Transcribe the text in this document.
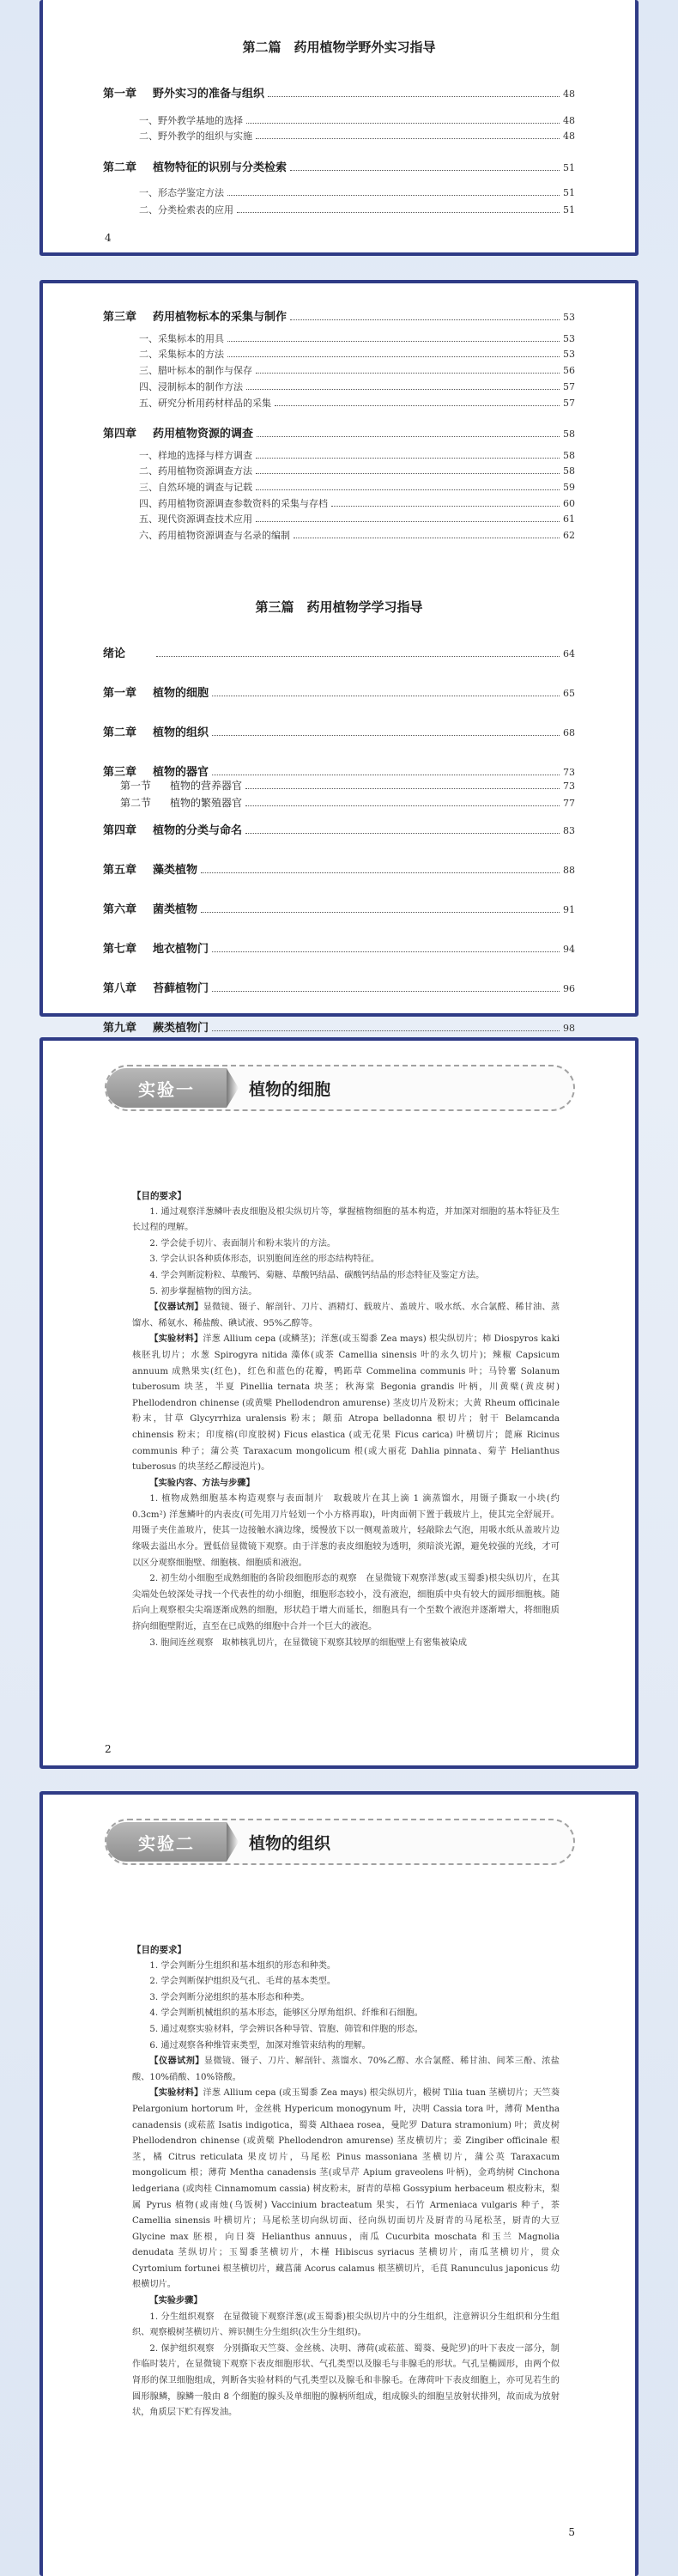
第二篇　药用植物学野外实习指导
第一章 野外实习的准备与组织	48
一、野外教学基地的选择	48
二、野外教学的组织与实施	48
第二章 植物特征的识别与分类检索	51
一、形态学鉴定方法	51
二、分类检索表的应用	51
4
第三章 药用植物标本的采集与制作	53
一、采集标本的用具	53
二、采集标本的方法	53
三、腊叶标本的制作与保存	56
四、浸制标本的制作方法	57
五、研究分析用药材样品的采集	57
第四章 药用植物资源的调查	58
一、样地的选择与样方调查	58
二、药用植物资源调查方法	58
三、自然环境的调查与记载	59
四、药用植物资源调查参数资料的采集与存档	60
五、现代资源调查技术应用	61
六、药用植物资源调查与名录的编制	62
第三篇　药用植物学学习指导
绪论	64
第一章 植物的细胞	65
第二章 植物的组织	68
第三章 植物的器官	73
第一节 植物的营养器官	73
第二节 植物的繁殖器官	77
第四章 植物的分类与命名	83
第五章 藻类植物	88
第六章 菌类植物	91
第七章 地衣植物门	94
第八章 苔藓植物门	96
第九章 蕨类植物门	98
实验一	植物的细胞

【目的要求】

1. 通过观察洋葱鳞叶表皮细胞及根尖纵切片等，掌握植物细胞的基本构造，并加深对细胞的基本特征及生长过程的理解。

2. 学会徒手切片、表面制片和粉末装片的方法。

3. 学会认识各种质体形态，识别胞间连丝的形态结构特征。

4. 学会判断淀粉粒、草酸钙、菊糖、草酸钙结晶、碳酸钙结晶的形态特征及鉴定方法。

5. 初步掌握植物的图方法。

【仪器试剂】显微镜、镊子、解剖针、刀片、酒精灯、载玻片、盖玻片、吸水纸、水合氯醛、稀甘油、蒸馏水、稀氨水、稀盐酸、碘试液、95%乙醇等。

【实验材料】洋葱 Allium cepa (或鳞茎)；洋葱(或玉蜀黍 Zea mays) 根尖纵切片；柿 Diospyros kaki 核胚乳切片；水葱 Spirogyra nitida 藻体(或茶 Camellia sinensis 叶的永久切片)；辣椒 Capsicum annuum 成熟果实(红色)，红色和蓝色的花瓣，鸭跖草 Commelina communis 叶；马铃薯 Solanum tuberosum 块茎，半夏 Pinellia ternata 块茎；秋海棠 Begonia grandis 叶柄，川黄檗(黄皮树) Phellodendron chinense (或黄檗 Phellodendron amurense) 茎皮切片及粉末；大黄 Rheum officinale 粉末，甘草 Glycyrrhiza uralensis 粉末；颠茄 Atropa belladonna 根切片；射干 Belamcanda chinensis 粉末；印度榕(印度胶树) Ficus elastica (或无花果 Ficus carica) 叶横切片；蓖麻 Ricinus communis 种子；蒲公英 Taraxacum mongolicum 根(或大丽花 Dahlia pinnata、菊芋 Helianthus tuberosus 的块茎经乙醇浸泡片)。

【实验内容、方法与步骤】

1. 植物成熟细胞基本构造观察与表面制片　取载玻片在其上滴 1 滴蒸馏水，用镊子撕取一小块(约 0.3cm²) 洋葱鳞叶的内表皮(可先用刀片轻划一个小方格再取)，叶肉面朝下置于载玻片上，使其完全舒展开。用镊子夹住盖玻片，使其一边接触水滴边缘，缓慢放下以一侧观盖玻片，轻敲除去气泡，用吸水纸从盖玻片边缘吸去溢出水分。置低倍显微镜下观察。由于洋葱的表皮细胞较为透明，须暗淡光源，避免较强的光线，才可以区分观察细胞壁、细胞核、细胞质和液泡。

2. 初生幼小细胞至成熟细胞的各阶段细胞形态的观察　在显微镜下观察洋葱(或玉蜀黍)根尖纵切片，在其尖端处色较深处寻找一个代表性的幼小细胞，细胞形态较小，没有液泡，细胞质中央有较大的圆形细胞核。随后向上观察根尖尖端逐渐成熟的细胞，形状趋于增大而延长，细胞具有一个至数个液泡并逐渐增大，将细胞质挤向细胞壁附近，直至在已成熟的细胞中合并一个巨大的液泡。

3. 胞间连丝观察　取柿核乳切片，在显微镜下观察其较厚的细胞壁上有密集被染成

2
实验二	植物的组织

【目的要求】

1. 学会判断分生组织和基本组织的形态和种类。

2. 学会判断保护组织及气孔、毛茸的基本类型。

3. 学会判断分泌组织的基本形态和种类。

4. 学会判断机械组织的基本形态，能够区分厚角组织、纤维和石细胞。

5. 通过观察实验材料，学会辨识各种导管、管胞、筛管和伴胞的形态。

6. 通过观察各种维管束类型，加深对维管束结构的理解。

【仪器试剂】显微镜、镊子、刀片、解剖针、蒸馏水、70%乙醇、水合氯醛、稀甘油、间苯三酚、浓盐酸、10%硝酸、10%铬酸。

【实验材料】洋葱 Allium cepa (或玉蜀黍 Zea mays) 根尖纵切片，椴树 Tilia tuan 茎横切片；天竺葵 Pelargonium hortorum 叶，金丝桃 Hypericum monogynum 叶，决明 Cassia tora 叶，薄荷 Mentha canadensis (或菘蓝 Isatis indigotica，蜀葵 Althaea rosea，曼陀罗 Datura stramonium) 叶；黄皮树 Phellodendron chinense (或黄檗 Phellodendron amurense) 茎皮横切片；姜 Zingiber officinale 根茎，橘 Citrus reticulata 果皮切片，马尾松 Pinus massoniana 茎横切片，蒲公英 Taraxacum mongolicum 根；薄荷 Mentha canadensis 茎(或旱芹 Apium graveolens 叶柄)，金鸡纳树 Cinchona ledgeriana (或肉桂 Cinnamomum cassia) 树皮粉末，厨青的草棉 Gossypium herbaceum 根皮粉末，梨属 Pyrus 植物(或南烛(乌饭树) Vaccinium bracteatum 果实，石竹 Armeniaca vulgaris 种子，茶 Camellia sinensis 叶横切片；马尾松茎切向纵切面、径向纵切面切片及厨青的马尾松茎，厨青的大豆 Glycine max 胚根，向日葵 Helianthus annuus，南瓜 Cucurbita moschata 和玉兰 Magnolia denudata 茎纵切片；玉蜀黍茎横切片，木槿 Hibiscus syriacus 茎横切片，南瓜茎横切片，贯众 Cyrtomium fortunei 根茎横切片，藏菖蒲 Acorus calamus 根茎横切片，毛茛 Ranunculus japonicus 幼根横切片。

【实验步骤】

1. 分生组织观察　在显微镜下观察洋葱(或玉蜀黍)根尖纵切片中的分生组织，注意辨识分生组织和分生组织、观察椴树茎横切片、辨识侧生分生组织(次生分生组织)。

2. 保护组织观察　分别撕取天竺葵、金丝桃、决明、薄荷(或菘蓝、蜀葵、曼陀罗)的叶下表皮一部分，制作临时装片，在显微镜下观察下表皮细胞形状、气孔类型以及腺毛与非腺毛的形状。气孔呈椭圆形，由两个似肾形的保卫细胞组成，判断各实验材料的气孔类型以及腺毛和非腺毛。在薄荷叶下表皮细胞上，亦可见若生的圆形腺鳞，腺鳞一般由 8 个细胞的腺头及单细胞的腺柄所组成，组成腺头的细胞呈放射状排列，故而成为放射状，角质层下贮有挥发油。

5
